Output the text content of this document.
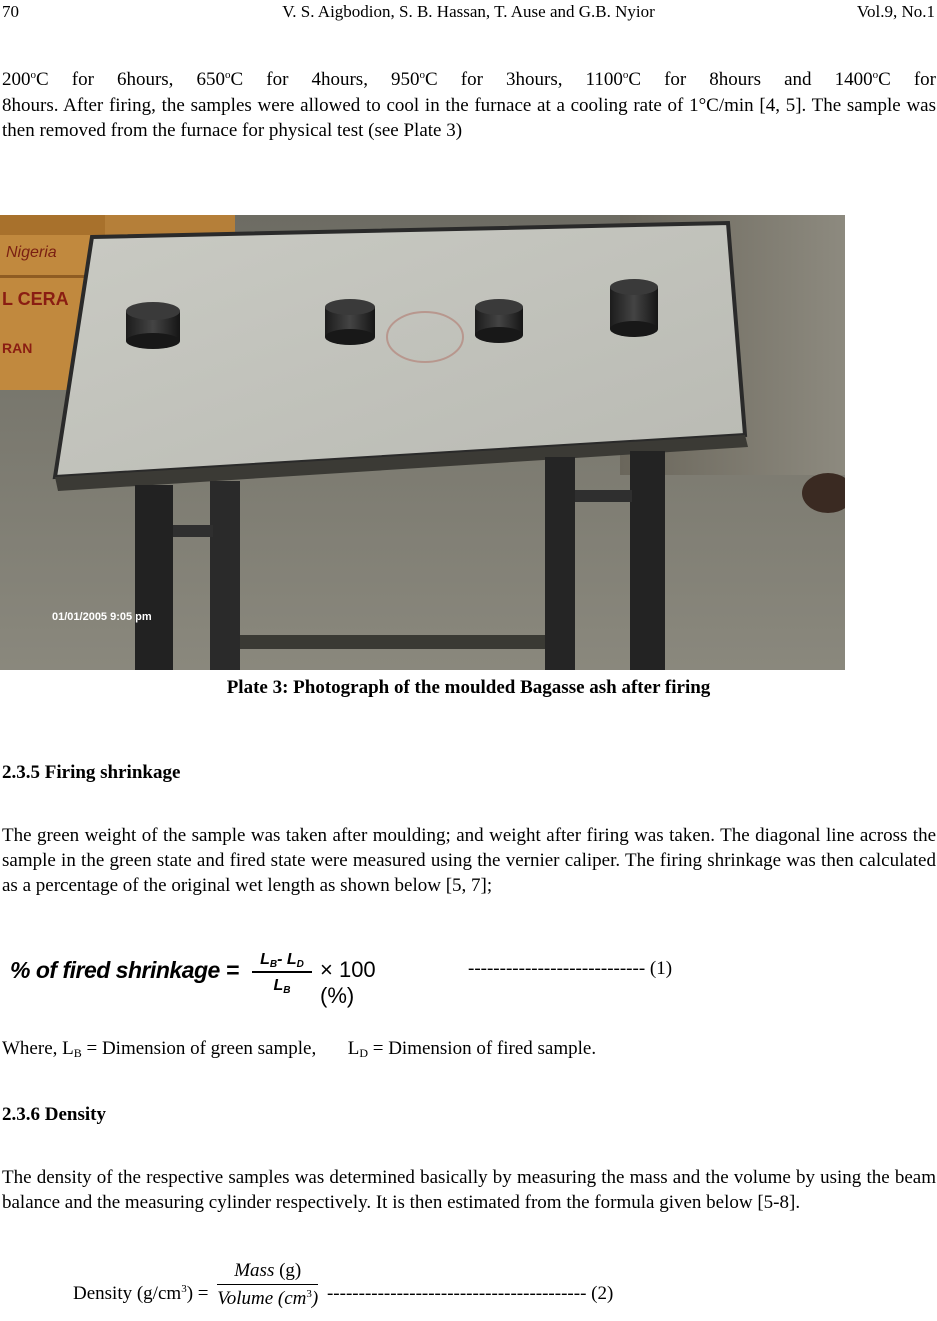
70	V. S. Aigbodion, S. B. Hassan, T. Ause and G.B. Nyior	Vol.9, No.1
200$^o$C for 6hours, 650$^o$C for 4hours, 950$^o$C for 3hours, 1100$^o$C for 8hours and 1400$^o$C for
8hours. After firing, the samples were allowed to cool in the furnace at a cooling rate of 1°C/min [4, 5]. The sample was then removed from the furnace for physical test (see Plate 3)
Nigeria
L CERA
RAN
01/01/2005 9:05 pm
Plate 3: Photograph of the moulded Bagasse ash after firing
2.3.5 Firing shrinkage
The green weight of the sample was taken after moulding; and weight after firing was taken. The diagonal line across the sample in the green state and fired state were measured using the vernier caliper. The firing shrinkage was then calculated as a percentage of the original wet length as shown below [5, 7];
% of fired shrinkage = $\frac{L_B- L_D}{L_B} \times 100$ (%)
---------------------------- (1)
Where, $L_B$ = Dimension of green sample, $L_D$ = Dimension of fired sample.
2.3.6 Density
The density of the respective samples was determined basically by measuring the mass and the volume by using the beam balance and the measuring cylinder respectively. It is then estimated from the formula given below [5-8].
Density $(g/cm^3) = \frac{\text{Mass (g)}}{Volume (cm^3)}$ ----------------------------------------- (2)
